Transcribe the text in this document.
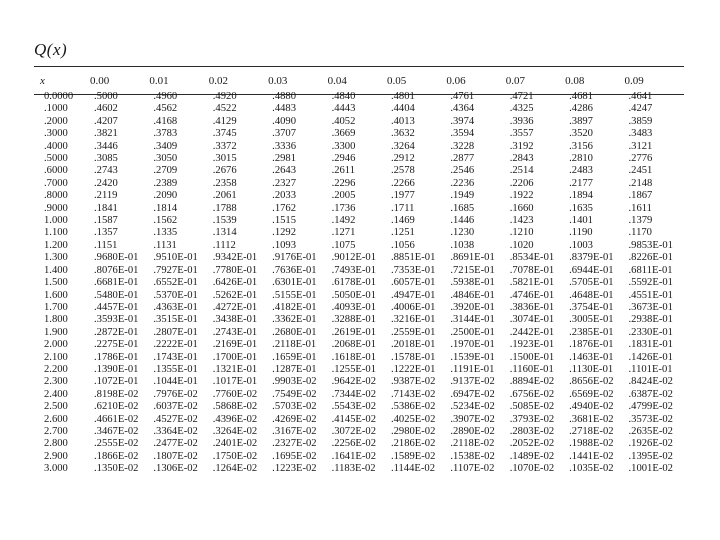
Q(x)
x	0.00	0.01	0.02	0.03	0.04	0.05	0.06	0.07	0.08	0.09
0.0000	.5000	.4960	.4920	.4880	.4840	.4801	.4761	.4721	.4681	.4641
.1000	.4602	.4562	.4522	.4483	.4443	.4404	.4364	.4325	.4286	.4247
.2000	.4207	.4168	.4129	.4090	.4052	.4013	.3974	.3936	.3897	.3859
.3000	.3821	.3783	.3745	.3707	.3669	.3632	.3594	.3557	.3520	.3483
.4000	.3446	.3409	.3372	.3336	.3300	.3264	.3228	.3192	.3156	.3121
.5000	.3085	.3050	.3015	.2981	.2946	.2912	.2877	.2843	.2810	.2776
.6000	.2743	.2709	.2676	.2643	.2611	.2578	.2546	.2514	.2483	.2451
.7000	.2420	.2389	.2358	.2327	.2296	.2266	.2236	.2206	.2177	.2148
.8000	.2119	.2090	.2061	.2033	.2005	.1977	.1949	.1922	.1894	.1867
.9000	.1841	.1814	.1788	.1762	.1736	.1711	.1685	.1660	.1635	.1611
1.000	.1587	.1562	.1539	.1515	.1492	.1469	.1446	.1423	.1401	.1379
1.100	.1357	.1335	.1314	.1292	.1271	.1251	.1230	.1210	.1190	.1170
1.200	.1151	.1131	.1112	.1093	.1075	.1056	.1038	.1020	.1003	.9853E-01
1.300	.9680E-01	.9510E-01	.9342E-01	.9176E-01	.9012E-01	.8851E-01	.8691E-01	.8534E-01	.8379E-01	.8226E-01
1.400	.8076E-01	.7927E-01	.7780E-01	.7636E-01	.7493E-01	.7353E-01	.7215E-01	.7078E-01	.6944E-01	.6811E-01
1.500	.6681E-01	.6552E-01	.6426E-01	.6301E-01	.6178E-01	.6057E-01	.5938E-01	.5821E-01	.5705E-01	.5592E-01
1.600	.5480E-01	.5370E-01	.5262E-01	.5155E-01	.5050E-01	.4947E-01	.4846E-01	.4746E-01	.4648E-01	.4551E-01
1.700	.4457E-01	.4363E-01	.4272E-01	.4182E-01	.4093E-01	.4006E-01	.3920E-01	.3836E-01	.3754E-01	.3673E-01
1.800	.3593E-01	.3515E-01	.3438E-01	.3362E-01	.3288E-01	.3216E-01	.3144E-01	.3074E-01	.3005E-01	.2938E-01
1.900	.2872E-01	.2807E-01	.2743E-01	.2680E-01	.2619E-01	.2559E-01	.2500E-01	.2442E-01	.2385E-01	.2330E-01
2.000	.2275E-01	.2222E-01	.2169E-01	.2118E-01	.2068E-01	.2018E-01	.1970E-01	.1923E-01	.1876E-01	.1831E-01
2.100	.1786E-01	.1743E-01	.1700E-01	.1659E-01	.1618E-01	.1578E-01	.1539E-01	.1500E-01	.1463E-01	.1426E-01
2.200	.1390E-01	.1355E-01	.1321E-01	.1287E-01	.1255E-01	.1222E-01	.1191E-01	.1160E-01	.1130E-01	.1101E-01
2.300	.1072E-01	.1044E-01	.1017E-01	.9903E-02	.9642E-02	.9387E-02	.9137E-02	.8894E-02	.8656E-02	.8424E-02
2.400	.8198E-02	.7976E-02	.7760E-02	.7549E-02	.7344E-02	.7143E-02	.6947E-02	.6756E-02	.6569E-02	.6387E-02
2.500	.6210E-02	.6037E-02	.5868E-02	.5703E-02	.5543E-02	.5386E-02	.5234E-02	.5085E-02	.4940E-02	.4799E-02
2.600	.4661E-02	.4527E-02	.4396E-02	.4269E-02	.4145E-02	.4025E-02	.3907E-02	.3793E-02	.3681E-02	.3573E-02
2.700	.3467E-02	.3364E-02	.3264E-02	.3167E-02	.3072E-02	.2980E-02	.2890E-02	.2803E-02	.2718E-02	.2635E-02
2.800	.2555E-02	.2477E-02	.2401E-02	.2327E-02	.2256E-02	.2186E-02	.2118E-02	.2052E-02	.1988E-02	.1926E-02
2.900	.1866E-02	.1807E-02	.1750E-02	.1695E-02	.1641E-02	.1589E-02	.1538E-02	.1489E-02	.1441E-02	.1395E-02
3.000	.1350E-02	.1306E-02	.1264E-02	.1223E-02	.1183E-02	.1144E-02	.1107E-02	.1070E-02	.1035E-02	.1001E-02
